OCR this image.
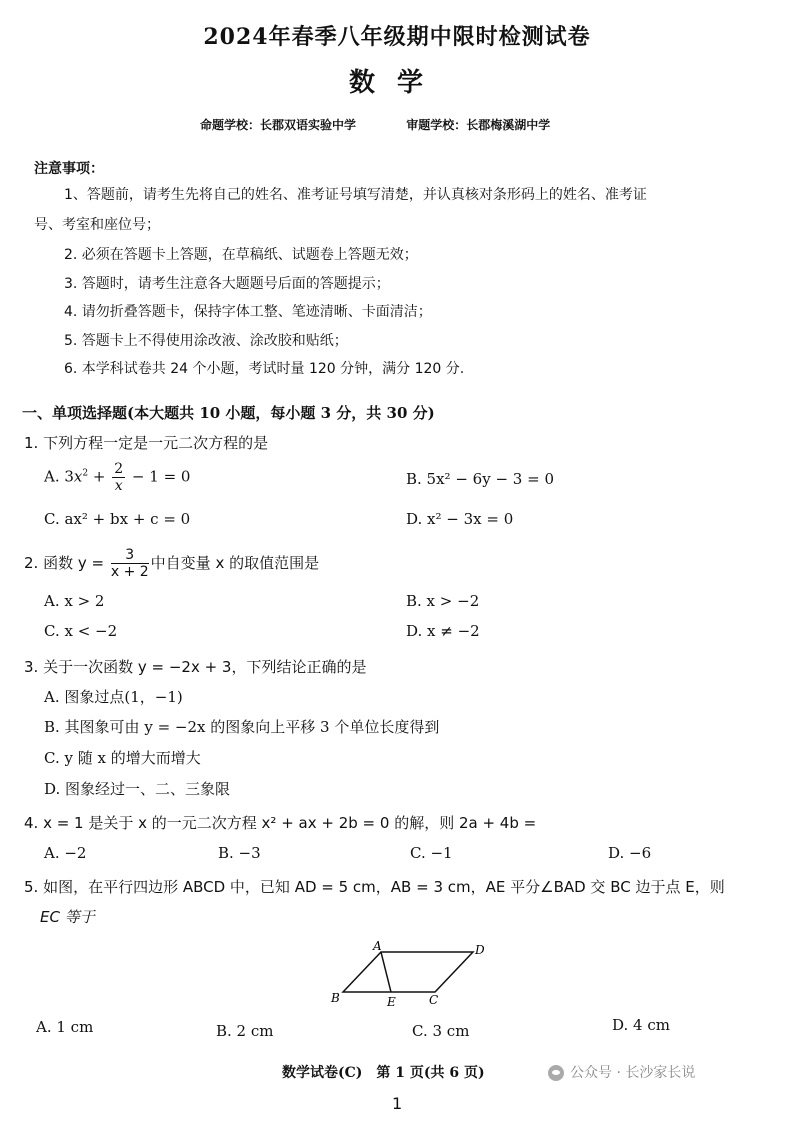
2024年春季八年级期中限时检测试卷
数学
命题学校：长郡双语实验中学	审题学校：长郡梅溪湖中学
注意事项：
1、答题前，请考生先将自己的姓名、准考证号填写清楚，并认真核对条形码上的姓名、准考证
号、考室和座位号；
2. 必须在答题卡上答题，在草稿纸、试题卷上答题无效；
3. 答题时，请考生注意各大题题号后面的答题提示；
4. 请勿折叠答题卡，保持字体工整、笔迹清晰、卡面清洁；
5. 答题卡上不得使用涂改液、涂改胶和贴纸；
6. 本学科试卷共 24 个小题，考试时量 120 分钟，满分 120 分.
一、单项选择题(本大题共 10 小题，每小题 3 分，共 30 分)
1. 下列方程一定是一元二次方程的是
A. $3x^2 + \frac{2}{x} - 1 = 0$	B. 5x² − 6y − 3 = 0
C. ax² + bx + c = 0	D. x² − 3x = 0
2. 函数 $y = \frac{3}{x + 2}$ 中自变量 x 的取值范围是
A. x > 2	B. x > −2
C. x < −2	D. x ≠ −2
3. 关于一次函数 y = −2x + 3，下列结论正确的是
A. 图象过点(1，−1)
B. 其图象可由 y = −2x 的图象向上平移 3 个单位长度得到
C. y 随 x 的增大而增大
D. 图象经过一、二、三象限
4. x = 1 是关于 x 的一元二次方程 x² + ax + 2b = 0 的解，则 2a + 4b =
A. −2	B. −3	C. −1	D. −6
5. 如图，在平行四边形 ABCD 中，已知 AD = 5 cm，AB = 3 cm，AE 平分∠BAD 交 BC 边于点 E，则
EC 等于
A	D
B	E	C
A. 1 cm	B. 2 cm	C. 3 cm	D. 4 cm
数学试卷(C)　第 1 页(共 6 页)	公众号 · 长沙家长说
1
